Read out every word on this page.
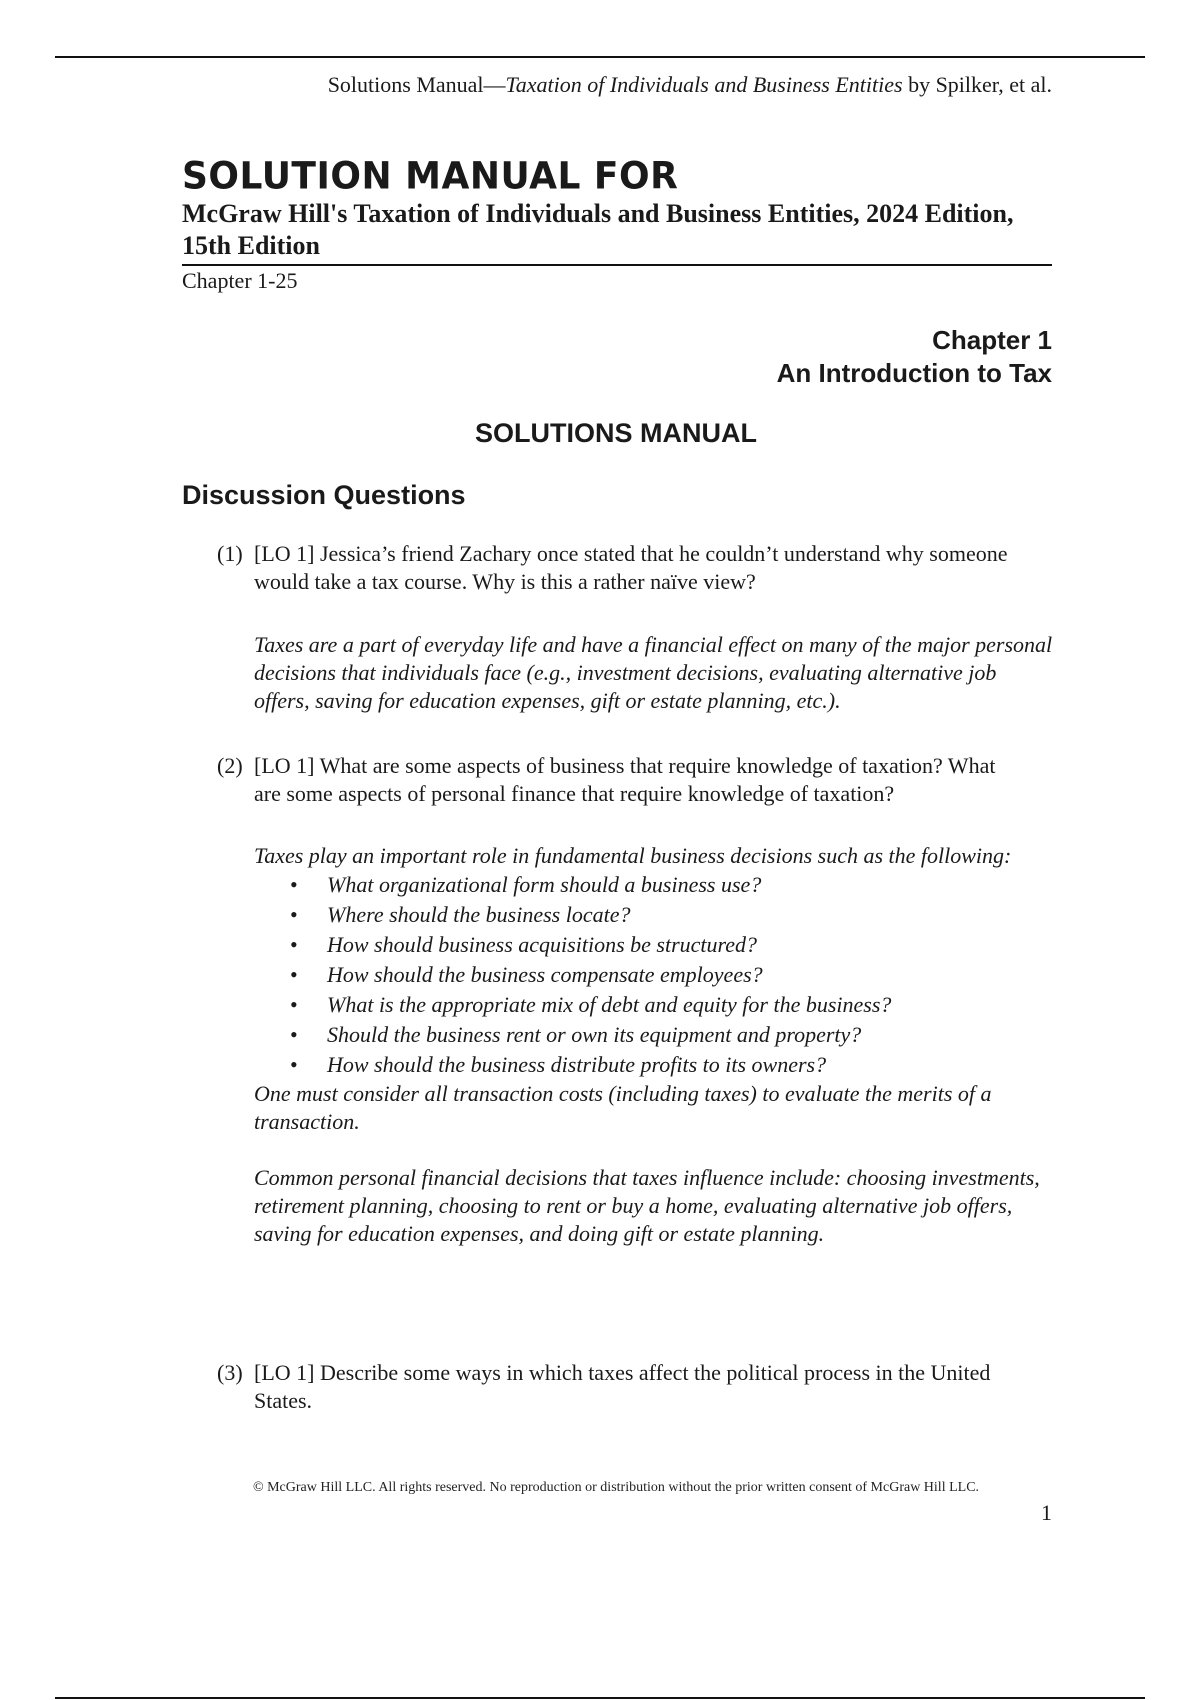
Solutions Manual—Taxation of Individuals and Business Entities by Spilker, et al.
SOLUTION MANUAL FOR
McGraw Hill's Taxation of Individuals and Business Entities, 2024 Edition, 15th Edition
Chapter 1-25
Chapter 1
An Introduction to Tax
SOLUTIONS MANUAL
Discussion Questions
(1) [LO 1] Jessica’s friend Zachary once stated that he couldn’t understand why someone would take a tax course. Why is this a rather naïve view?
Taxes are a part of everyday life and have a financial effect on many of the major personal decisions that individuals face (e.g., investment decisions, evaluating alternative job offers, saving for education expenses, gift or estate planning, etc.).
(2) [LO 1] What are some aspects of business that require knowledge of taxation? What are some aspects of personal finance that require knowledge of taxation?
Taxes play an important role in fundamental business decisions such as the following:
• What organizational form should a business use?
• Where should the business locate?
• How should business acquisitions be structured?
• How should the business compensate employees?
• What is the appropriate mix of debt and equity for the business?
• Should the business rent or own its equipment and property?
• How should the business distribute profits to its owners?
One must consider all transaction costs (including taxes) to evaluate the merits of a transaction.
Common personal financial decisions that taxes influence include: choosing investments, retirement planning, choosing to rent or buy a home, evaluating alternative job offers, saving for education expenses, and doing gift or estate planning.
(3) [LO 1] Describe some ways in which taxes affect the political process in the United States.
© McGraw Hill LLC. All rights reserved. No reproduction or distribution without the prior written consent of McGraw Hill LLC.
1
